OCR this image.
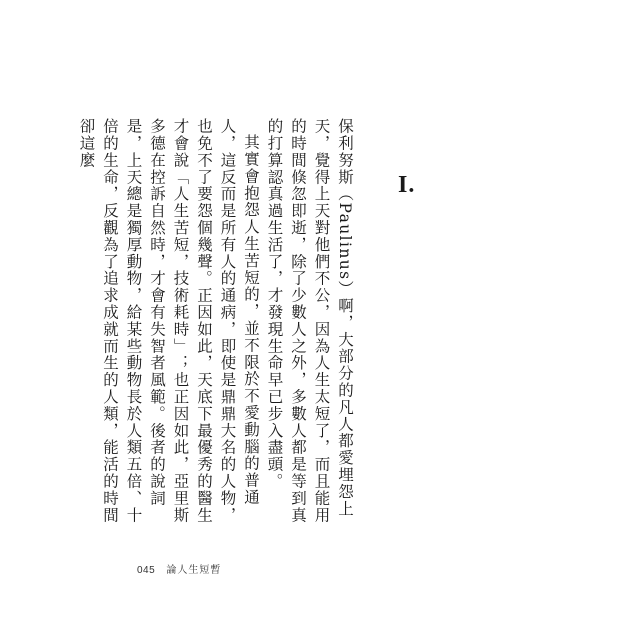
I.

保利努斯（Paulinus）啊，大部分的凡人都愛埋怨上天，覺得上天對他們不公，因為人生太短了，而且能用的時間倏忽即逝，除了少數人之外，多數人都是等到真的打算認真過生活了，才發現生命早已步入盡頭。

其實會抱怨人生苦短的，並不限於不愛動腦的普通人，這反而是所有人的通病，即使是鼎鼎大名的人物，也免不了要怨個幾聲。正因如此，天底下最優秀的醫生才會說「人生苦短，技術耗時」；也正因如此，亞里斯多德在控訴自然時，才會有失智者風範。後者的說詞是，上天總是獨厚動物，給某些動物長於人類五倍、十倍的生命，反觀為了追求成就而生的人類，能活的時間卻這麼

045 論人生短暫
